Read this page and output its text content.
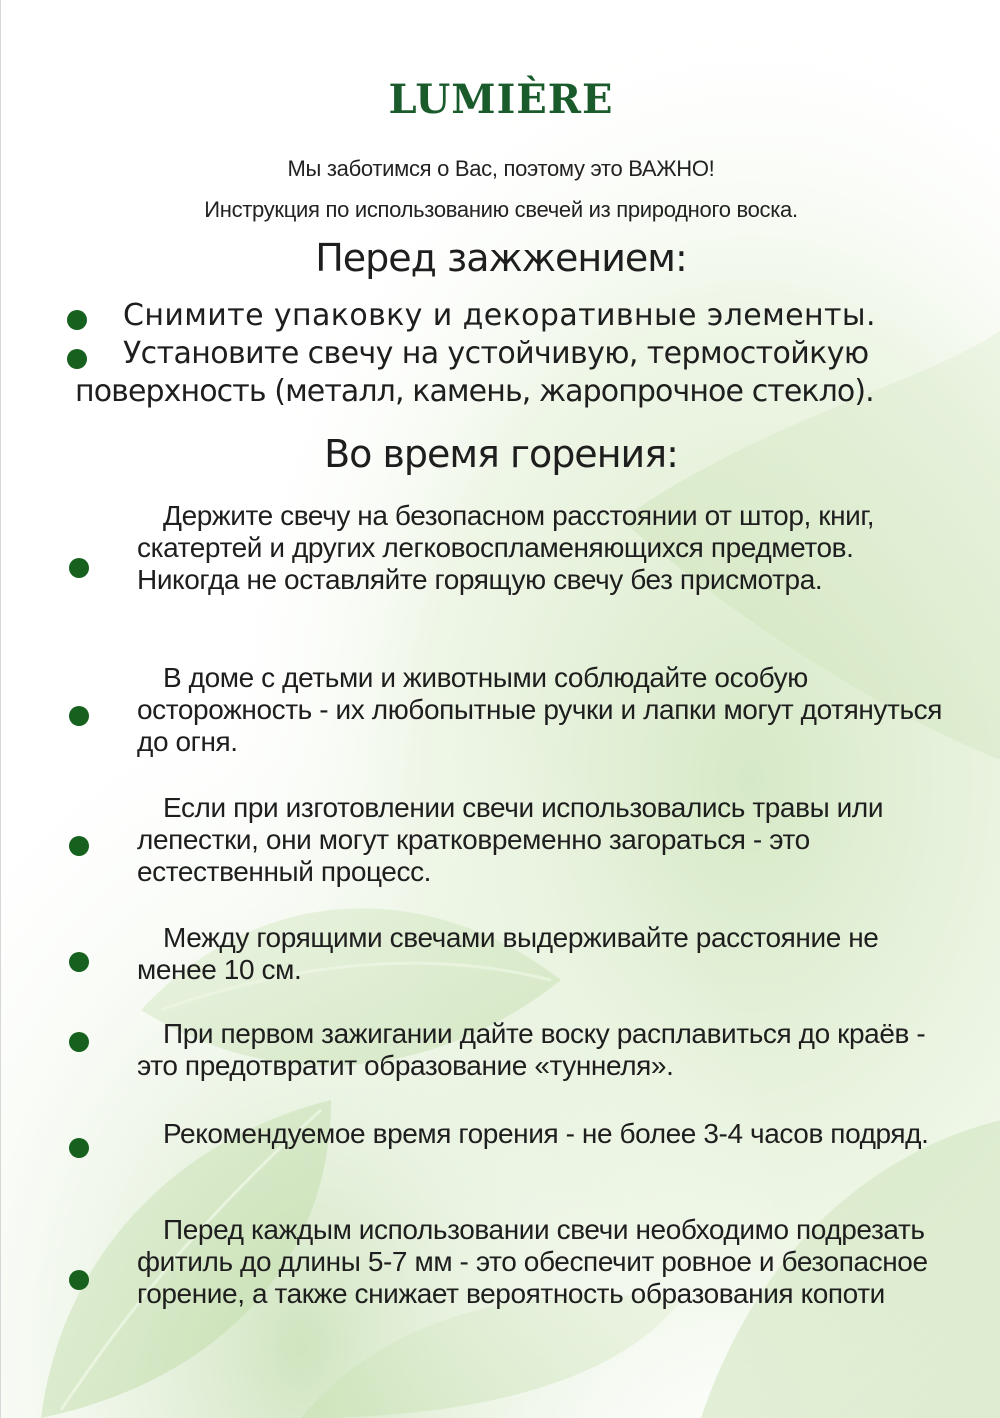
LUMIÈRE
Мы заботимся о Вас, поэтому это ВАЖНО!
Инструкция по использованию свечей из природного воска.
Перед зажжением:
Снимите упаковку и декоративные элементы.
Установите свечу на устойчивую, термостойкую
поверхность (металл, камень, жаропрочное стекло).
Во время горения:
Держите свечу на безопасном расстоянии от штор, книг, скатертей и других легковоспламеняющихся предметов. Никогда не оставляйте горящую свечу без присмотра.
В доме с детьми и животными соблюдайте особую осторожность - их любопытные ручки и лапки могут дотянуться до огня.
Если при изготовлении свечи использовались травы или лепестки, они могут кратковременно загораться - это естественный процесс.
Между горящими свечами выдерживайте расстояние не менее 10 см.
При первом зажигании дайте воску расплавиться до краёв - это предотвратит образование «туннеля».
Рекомендуемое время горения - не более 3-4 часов подряд.
Перед каждым использовании свечи необходимо подрезать фитиль до длины 5-7 мм - это обеспечит ровное и безопасное горение, а также снижает вероятность образования копоти
